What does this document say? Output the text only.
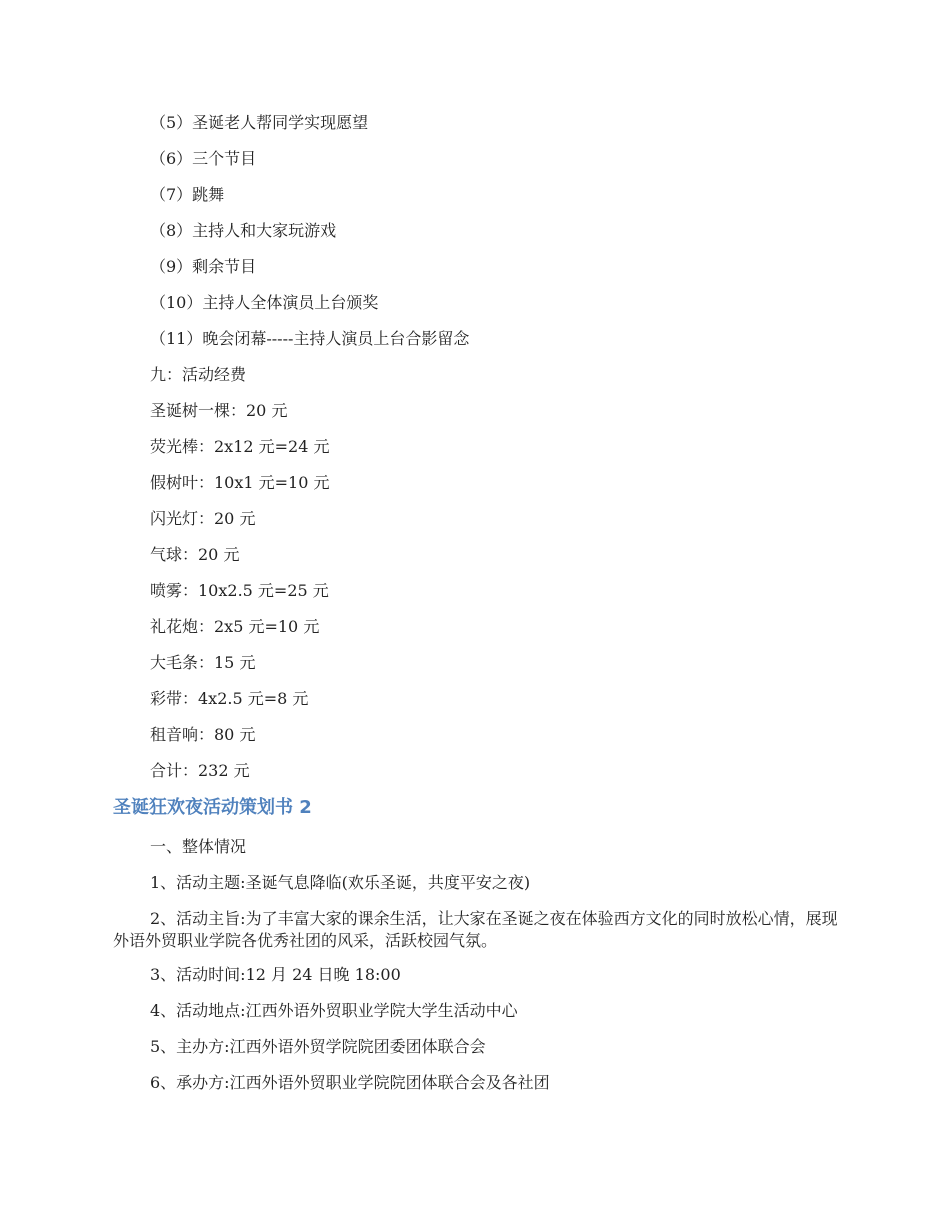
（5）圣诞老人帮同学实现愿望
（6）三个节目
（7）跳舞
（8）主持人和大家玩游戏
（9）剩余节目
（10）主持人全体演员上台颁奖
（11）晚会闭幕-----主持人演员上台合影留念
九：活动经费
圣诞树一棵：20 元
荧光棒：2x12 元=24 元
假树叶：10x1 元=10 元
闪光灯：20 元
气球：20 元
喷雾：10x2.5 元=25 元
礼花炮：2x5 元=10 元
大毛条：15 元
彩带：4x2.5 元=8 元
租音响：80 元
合计：232 元
圣诞狂欢夜活动策划书 2
一、整体情况
1、活动主题:圣诞气息降临(欢乐圣诞，共度平安之夜)
2、活动主旨:为了丰富大家的课余生活，让大家在圣诞之夜在体验西方文化的同时放松心情，展现外语外贸职业学院各优秀社团的风采，活跃校园气氛。
3、活动时间:12 月 24 日晚 18:00
4、活动地点:江西外语外贸职业学院大学生活动中心
5、主办方:江西外语外贸学院院团委团体联合会
6、承办方:江西外语外贸职业学院院团体联合会及各社团
